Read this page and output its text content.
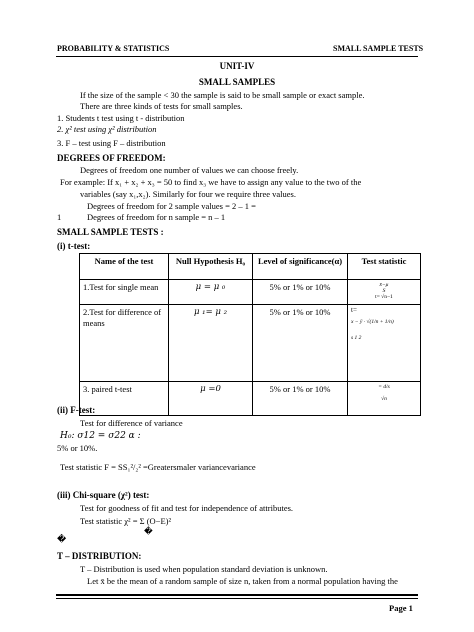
PROBABILITY & STATISTICS	SMALL SAMPLE TESTS
UNIT-IV
SMALL SAMPLES
If the size of the sample < 30 the sample is said to be small sample or exact sample.
There are three kinds of tests for small samples.
1. Students t test using t - distribution
2. χ² test using χ² distribution
3. F – test using F – distribution
DEGREES OF FREEDOM:
Degrees of freedom one number of values we can choose freely.
For example: If x₁ + x₂ + x₃ = 50 to find x₃ we have to assign any value to the two of the
variables (say x₁,x₂). Similarly for four we require three values.
Degrees of freedom for 2 sample values = 2 – 1 =
1	Degrees of freedom for n sample = n – 1
SMALL SAMPLE TESTS :
(i) t-test:
Name of the test	Null Hypothesis H₀	Level of significance(α)	Test statistic
1.Test for single mean	μ = μ ₀	5% or 1% or 10%	x̄−μ
S
t= √n−1

2.Test for difference of means	μ ₁= μ ₂	5% or 1% or 10%	t=
x − ȳ · √(1/n + 1/n)
s 1 2

3. paired t-test	μ =0	5% or 1% or 10%	= d/s
√n
(ii) F-test:
Test for difference of variance
H₀: σ12 = σ22 α :
5% or 10%.
Test statistic F = SS₁²/₂² =Greatersmaler variancevariance
(iii) Chi-square (χ²) test:
Test for goodness of fit and test for independence of attributes.
Test statistic χ² = Σ (O−E)²
�
�
T – DISTRIBUTION:
T – Distribution is used when population standard deviation is unknown.
Let x̄ be the mean of a random sample of size n, taken from a normal population having the
Page 1
